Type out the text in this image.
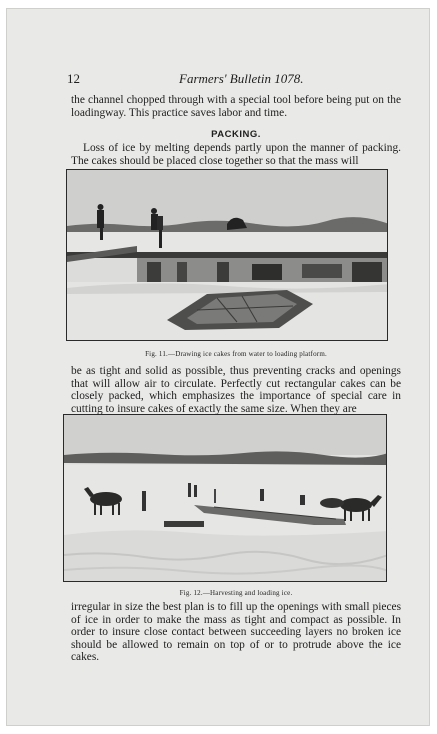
12	Farmers' Bulletin 1078.

the channel chopped through with a special tool before being put on the loadingway. This practice saves labor and time.

PACKING.

Loss of ice by melting depends partly upon the manner of packing. The cakes should be placed close together so that the mass will

Fig. 11.—Drawing ice cakes from water to loading platform.

be as tight and solid as possible, thus preventing cracks and openings that will allow air to circulate. Perfectly cut rectangular cakes can be closely packed, which emphasizes the importance of special care in cutting to insure cakes of exactly the same size. When they are

Fig. 12.—Harvesting and loading ice.

irregular in size the best plan is to fill up the openings with small pieces of ice in order to make the mass as tight and compact as possible. In order to insure close contact between succeeding layers no broken ice should be allowed to remain on top of or to protrude above the ice cakes.
